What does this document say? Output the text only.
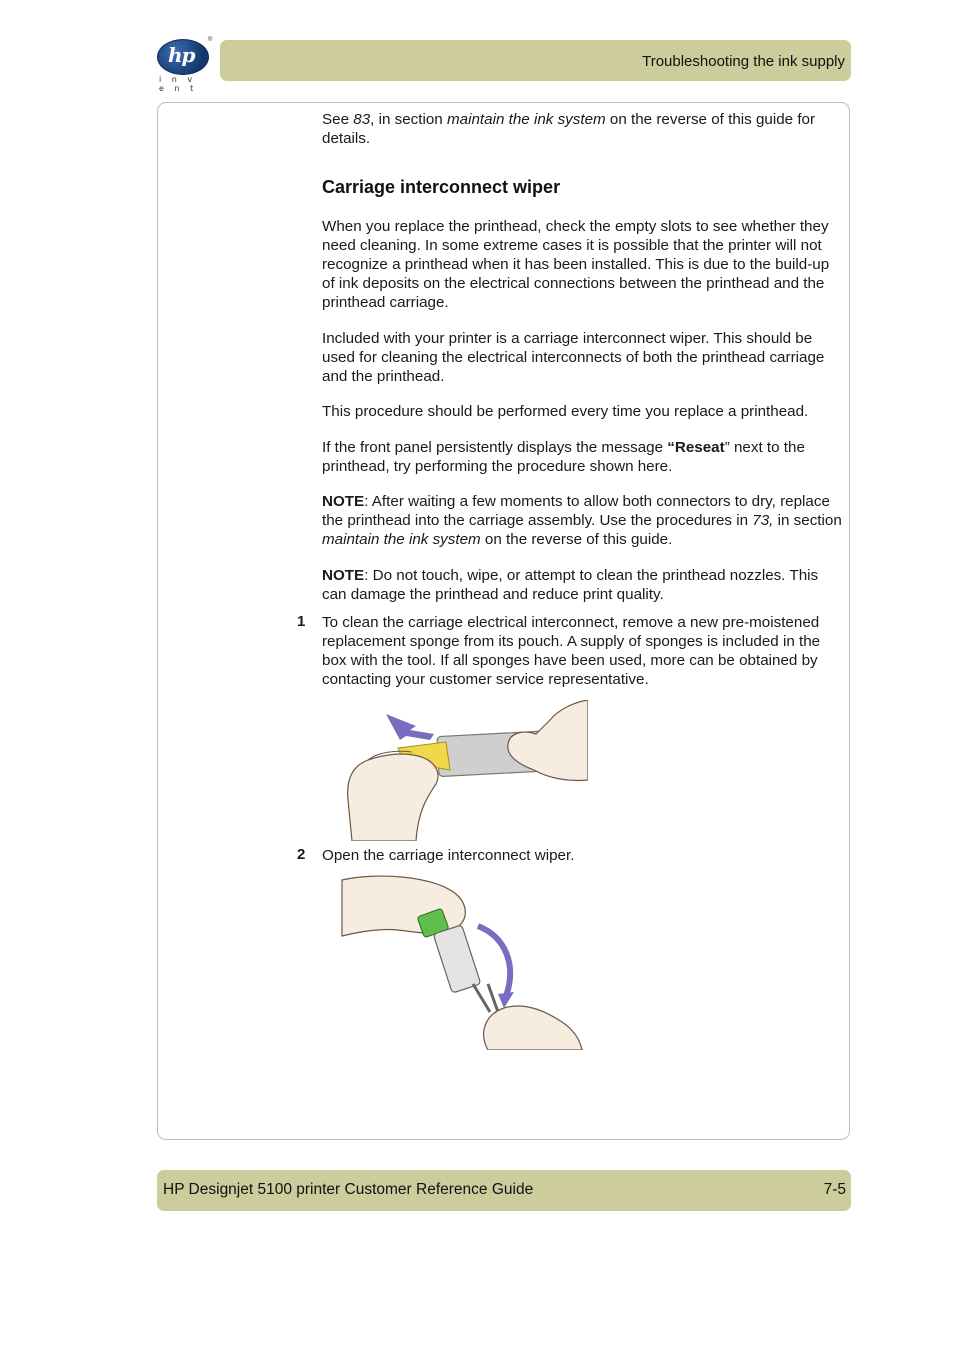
hp
®
i n v e n t
Troubleshooting the ink supply

See 83, in section maintain the ink system on the reverse of this guide for details.

Carriage interconnect wiper
When you replace the printhead, check the empty slots to see whether they need cleaning. In some extreme cases it is possible that the printer will not recognize a printhead when it has been installed. This is due to the build-up of ink deposits on the electrical connections between the printhead and the printhead carriage.
Included with your printer is a carriage interconnect wiper. This should be used for cleaning the electrical interconnects of both the printhead carriage and the printhead.
This procedure should be performed every time you replace a printhead.

If the front panel persistently displays the message “Reseat” next to the printhead, try performing the procedure shown here.

NOTE: After waiting a few moments to allow both connectors to dry, replace the printhead into the carriage assembly. Use the procedures in 73, in section maintain the ink system on the reverse of this guide.

NOTE: Do not touch, wipe, or attempt to clean the printhead nozzles. This can damage the printhead and reduce print quality.

1 To clean the carriage electrical interconnect, remove a new pre-moistened replacement sponge from its pouch. A supply of sponges is included in the box with the tool. If all sponges have been used, more can be obtained by contacting your customer service representative.
2 Open the carriage interconnect wiper.
HP Designjet 5100 printer Customer Reference Guide	7-5
